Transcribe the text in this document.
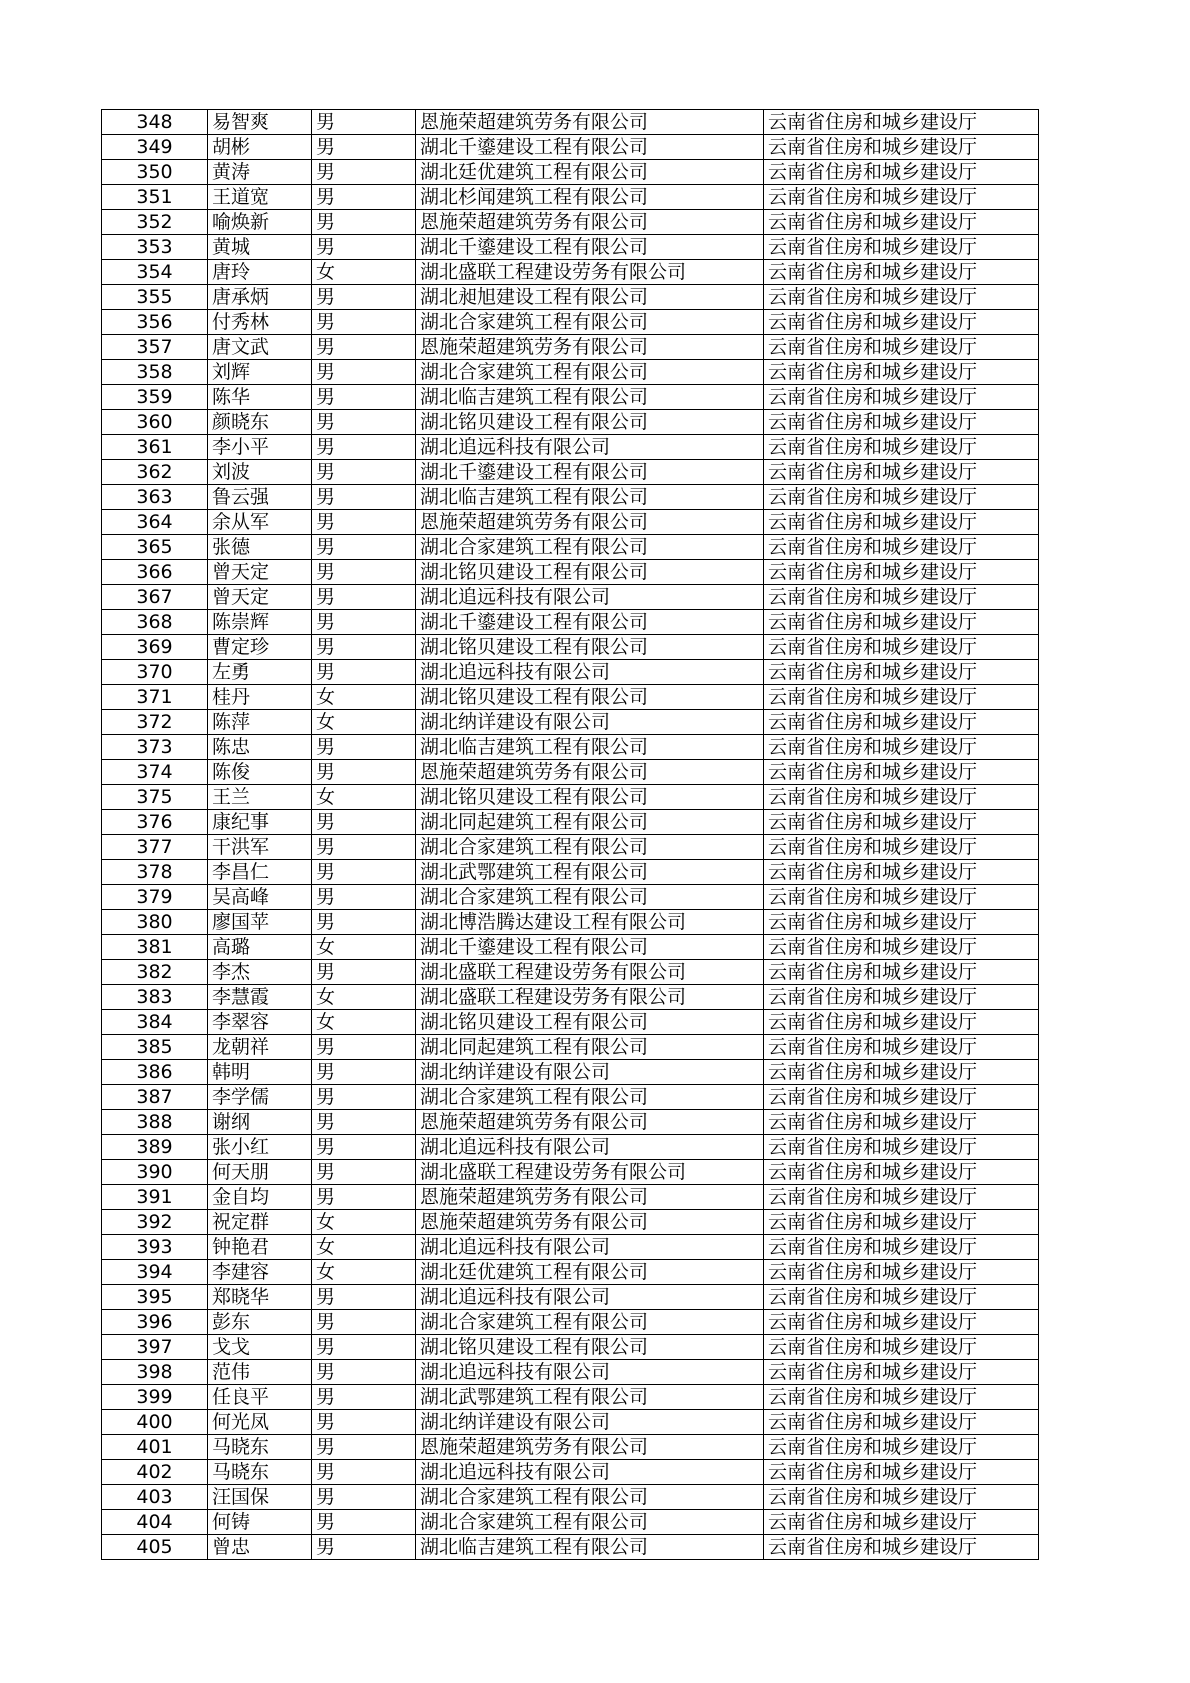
348	易智爽	男	恩施荣超建筑劳务有限公司	云南省住房和城乡建设厅
349	胡彬	男	湖北千鎏建设工程有限公司	云南省住房和城乡建设厅
350	黄涛	男	湖北廷优建筑工程有限公司	云南省住房和城乡建设厅
351	王道宽	男	湖北杉闻建筑工程有限公司	云南省住房和城乡建设厅
352	喻焕新	男	恩施荣超建筑劳务有限公司	云南省住房和城乡建设厅
353	黄城	男	湖北千鎏建设工程有限公司	云南省住房和城乡建设厅
354	唐玲	女	湖北盛联工程建设劳务有限公司	云南省住房和城乡建设厅
355	唐承炳	男	湖北昶旭建设工程有限公司	云南省住房和城乡建设厅
356	付秀林	男	湖北合家建筑工程有限公司	云南省住房和城乡建设厅
357	唐文武	男	恩施荣超建筑劳务有限公司	云南省住房和城乡建设厅
358	刘辉	男	湖北合家建筑工程有限公司	云南省住房和城乡建设厅
359	陈华	男	湖北临吉建筑工程有限公司	云南省住房和城乡建设厅
360	颜晓东	男	湖北铭贝建设工程有限公司	云南省住房和城乡建设厅
361	李小平	男	湖北追远科技有限公司	云南省住房和城乡建设厅
362	刘波	男	湖北千鎏建设工程有限公司	云南省住房和城乡建设厅
363	鲁云强	男	湖北临吉建筑工程有限公司	云南省住房和城乡建设厅
364	余从军	男	恩施荣超建筑劳务有限公司	云南省住房和城乡建设厅
365	张德	男	湖北合家建筑工程有限公司	云南省住房和城乡建设厅
366	曾天定	男	湖北铭贝建设工程有限公司	云南省住房和城乡建设厅
367	曾天定	男	湖北追远科技有限公司	云南省住房和城乡建设厅
368	陈崇辉	男	湖北千鎏建设工程有限公司	云南省住房和城乡建设厅
369	曹定珍	男	湖北铭贝建设工程有限公司	云南省住房和城乡建设厅
370	左勇	男	湖北追远科技有限公司	云南省住房和城乡建设厅
371	桂丹	女	湖北铭贝建设工程有限公司	云南省住房和城乡建设厅
372	陈萍	女	湖北纳详建设有限公司	云南省住房和城乡建设厅
373	陈忠	男	湖北临吉建筑工程有限公司	云南省住房和城乡建设厅
374	陈俊	男	恩施荣超建筑劳务有限公司	云南省住房和城乡建设厅
375	王兰	女	湖北铭贝建设工程有限公司	云南省住房和城乡建设厅
376	康纪事	男	湖北同起建筑工程有限公司	云南省住房和城乡建设厅
377	干洪军	男	湖北合家建筑工程有限公司	云南省住房和城乡建设厅
378	李昌仁	男	湖北武鄂建筑工程有限公司	云南省住房和城乡建设厅
379	吴高峰	男	湖北合家建筑工程有限公司	云南省住房和城乡建设厅
380	廖国苹	男	湖北博浩腾达建设工程有限公司	云南省住房和城乡建设厅
381	高璐	女	湖北千鎏建设工程有限公司	云南省住房和城乡建设厅
382	李杰	男	湖北盛联工程建设劳务有限公司	云南省住房和城乡建设厅
383	李慧霞	女	湖北盛联工程建设劳务有限公司	云南省住房和城乡建设厅
384	李翠容	女	湖北铭贝建设工程有限公司	云南省住房和城乡建设厅
385	龙朝祥	男	湖北同起建筑工程有限公司	云南省住房和城乡建设厅
386	韩明	男	湖北纳详建设有限公司	云南省住房和城乡建设厅
387	李学儒	男	湖北合家建筑工程有限公司	云南省住房和城乡建设厅
388	谢纲	男	恩施荣超建筑劳务有限公司	云南省住房和城乡建设厅
389	张小红	男	湖北追远科技有限公司	云南省住房和城乡建设厅
390	何天朋	男	湖北盛联工程建设劳务有限公司	云南省住房和城乡建设厅
391	金自均	男	恩施荣超建筑劳务有限公司	云南省住房和城乡建设厅
392	祝定群	女	恩施荣超建筑劳务有限公司	云南省住房和城乡建设厅
393	钟艳君	女	湖北追远科技有限公司	云南省住房和城乡建设厅
394	李建容	女	湖北廷优建筑工程有限公司	云南省住房和城乡建设厅
395	郑晓华	男	湖北追远科技有限公司	云南省住房和城乡建设厅
396	彭东	男	湖北合家建筑工程有限公司	云南省住房和城乡建设厅
397	戈戈	男	湖北铭贝建设工程有限公司	云南省住房和城乡建设厅
398	范伟	男	湖北追远科技有限公司	云南省住房和城乡建设厅
399	任良平	男	湖北武鄂建筑工程有限公司	云南省住房和城乡建设厅
400	何光凤	男	湖北纳详建设有限公司	云南省住房和城乡建设厅
401	马晓东	男	恩施荣超建筑劳务有限公司	云南省住房和城乡建设厅
402	马晓东	男	湖北追远科技有限公司	云南省住房和城乡建设厅
403	汪国保	男	湖北合家建筑工程有限公司	云南省住房和城乡建设厅
404	何铸	男	湖北合家建筑工程有限公司	云南省住房和城乡建设厅
405	曾忠	男	湖北临吉建筑工程有限公司	云南省住房和城乡建设厅
